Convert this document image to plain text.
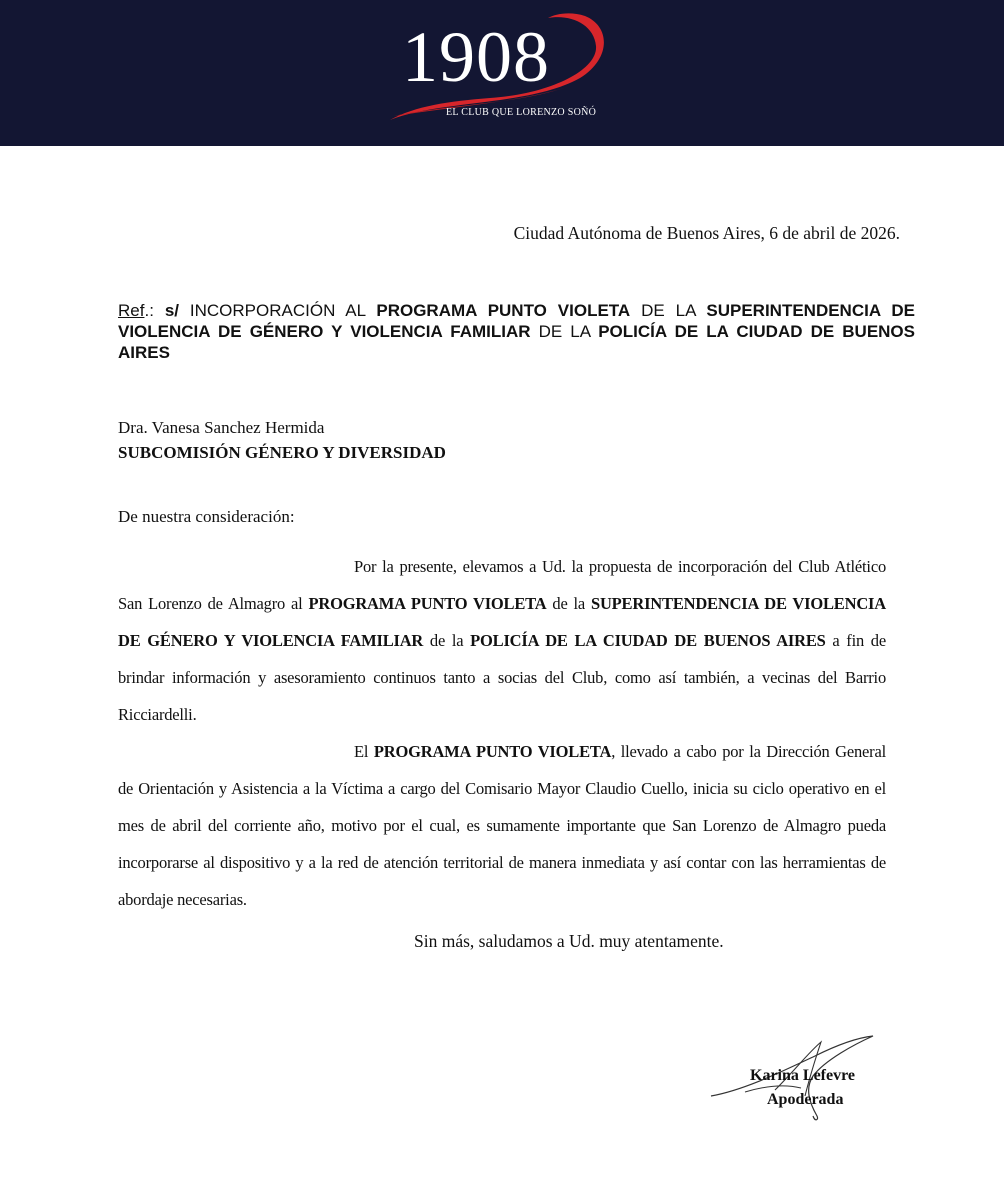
1908
EL CLUB QUE LORENZO SOÑÓ
Ciudad Autónoma de Buenos Aires, 6 de abril de 2026.
Ref.: s/ INCORPORACIÓN AL PROGRAMA PUNTO VIOLETA DE LA SUPERINTENDENCIA DE VIOLENCIA DE GÉNERO Y VIOLENCIA FAMILIAR DE LA POLICÍA DE LA CIUDAD DE BUENOS AIRES
Dra. Vanesa Sanchez Hermida
SUBCOMISIÓN GÉNERO Y DIVERSIDAD
De nuestra consideración:

Por la presente, elevamos a Ud. la propuesta de incorporación del Club Atlético San Lorenzo de Almagro al PROGRAMA PUNTO VIOLETA de la SUPERINTENDENCIA DE VIOLENCIA DE GÉNERO Y VIOLENCIA FAMILIAR de la POLICÍA DE LA CIUDAD DE BUENOS AIRES a fin de brindar información y asesoramiento continuos tanto a socias del Club, como así también, a vecinas del Barrio Ricciardelli.

El PROGRAMA PUNTO VIOLETA, llevado a cabo por la Dirección General de Orientación y Asistencia a la Víctima a cargo del Comisario Mayor Claudio Cuello, inicia su ciclo operativo en el mes de abril del corriente año, motivo por el cual, es sumamente importante que San Lorenzo de Almagro pueda incorporarse al dispositivo y a la red de atención territorial de manera inmediata y así contar con las herramientas de abordaje necesarias.

Sin más, saludamos a Ud. muy atentamente.
Karina Lefevre
Apoderada
